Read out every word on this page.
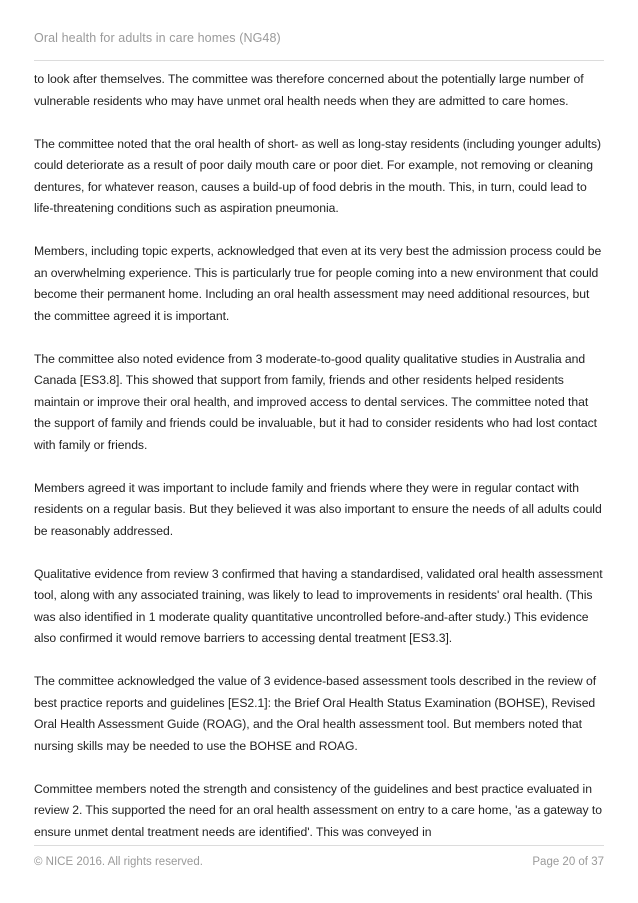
Oral health for adults in care homes (NG48)

to look after themselves. The committee was therefore concerned about the potentially large number of vulnerable residents who may have unmet oral health needs when they are admitted to care homes.

The committee noted that the oral health of short- as well as long-stay residents (including younger adults) could deteriorate as a result of poor daily mouth care or poor diet. For example, not removing or cleaning dentures, for whatever reason, causes a build-up of food debris in the mouth. This, in turn, could lead to life-threatening conditions such as aspiration pneumonia.

Members, including topic experts, acknowledged that even at its very best the admission process could be an overwhelming experience. This is particularly true for people coming into a new environment that could become their permanent home. Including an oral health assessment may need additional resources, but the committee agreed it is important.

The committee also noted evidence from 3 moderate-to-good quality qualitative studies in Australia and Canada [ES3.8]. This showed that support from family, friends and other residents helped residents maintain or improve their oral health, and improved access to dental services. The committee noted that the support of family and friends could be invaluable, but it had to consider residents who had lost contact with family or friends.

Members agreed it was important to include family and friends where they were in regular contact with residents on a regular basis. But they believed it was also important to ensure the needs of all adults could be reasonably addressed.

Qualitative evidence from review 3 confirmed that having a standardised, validated oral health assessment tool, along with any associated training, was likely to lead to improvements in residents' oral health. (This was also identified in 1 moderate quality quantitative uncontrolled before-and-after study.) This evidence also confirmed it would remove barriers to accessing dental treatment [ES3.3].

The committee acknowledged the value of 3 evidence-based assessment tools described in the review of best practice reports and guidelines [ES2.1]: the Brief Oral Health Status Examination (BOHSE), Revised Oral Health Assessment Guide (ROAG), and the Oral health assessment tool. But members noted that nursing skills may be needed to use the BOHSE and ROAG.

Committee members noted the strength and consistency of the guidelines and best practice evaluated in review 2. This supported the need for an oral health assessment on entry to a care home, 'as a gateway to ensure unmet dental treatment needs are identified'. This was conveyed in

© NICE 2016. All rights reserved.	Page 20 of 37
